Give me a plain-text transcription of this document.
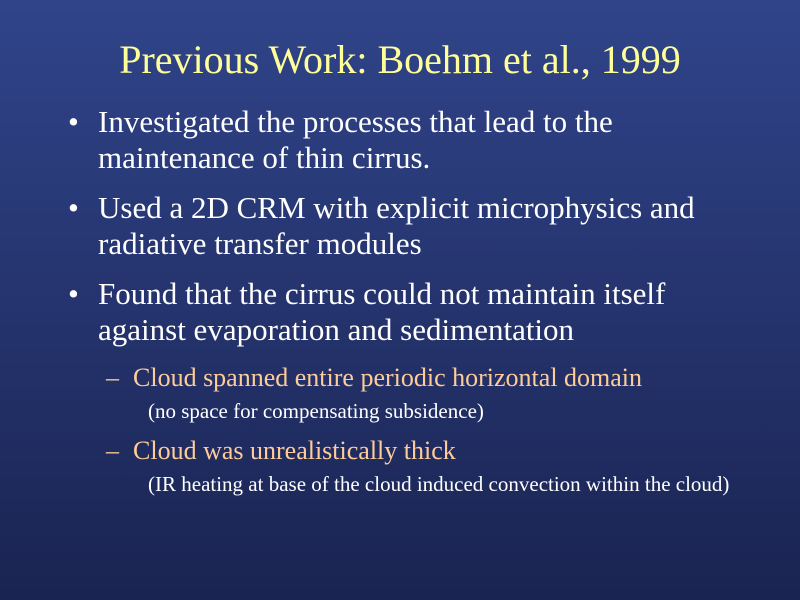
Previous Work: Boehm et al., 1999
• Investigated the processes that lead to the maintenance of thin cirrus.
• Used a 2D CRM with explicit microphysics and radiative transfer modules
• Found that the cirrus could not maintain itself against evaporation and sedimentation
– Cloud spanned entire periodic horizontal domain
(no space for compensating subsidence)
– Cloud was unrealistically thick
(IR heating at base of the cloud induced convection within the cloud)
